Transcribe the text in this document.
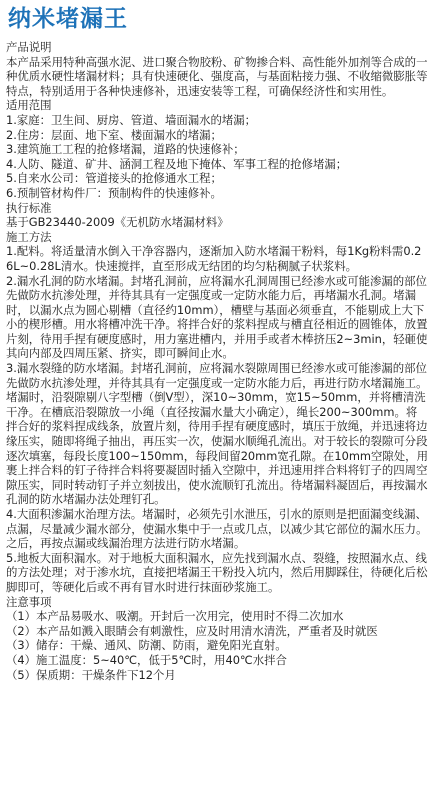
纳米堵漏王
产品说明
本产品采用特种高强水泥、进口聚合物胶粉、矿物掺合料、高性能外加剂等合成的一种优质水硬性堵漏材料；具有快速硬化、强度高，与基面粘接力强、不收缩微膨胀等特点，特别适用于各种快速修补，迅速安装等工程，可确保经济性和实用性。
适用范围
1.家庭：卫生间、厨房、管道、墙面漏水的堵漏；
2.住房：层面、地下室、楼面漏水的堵漏；
3.建筑施工工程的抢修堵漏，道路的快速修补；
4.人防、隧道、矿井、涵洞工程及地下掩体、军事工程的抢修堵漏；
5.自来水公司：管道接头的抢修通水工程；
6.预制管材构件厂：预制构件的快速修补。
执行标准
基于GB23440-2009《无机防水堵漏材料》
施工方法
1.配料。将适量清水倒入干净容器内，逐渐加入防水堵漏干粉料，每1Kg粉料需0.26L~0.28L清水。快速搅拌，直至形成无结团的均匀粘稠腻子状浆料。
2.漏水孔洞的防水堵漏。封堵孔洞前，应将漏水孔洞周围已经渗水或可能渗漏的部位先做防水抗渗处理，并待其具有一定强度或一定防水能力后，再堵漏水孔洞。堵漏时，以漏水点为圆心剔槽（直径约10mm），槽壁与基面必须垂直，不能剔成上大下小的楔形槽。用水将槽冲洗干净。将拌合好的浆料捏成与槽直径相近的圆锥体，放置片刻，待用手捏有硬度感时，用力塞进槽内，并用手或者木棒挤压2~3min，轻砸使其向内部及四周压紧、挤实，即可瞬间止水。
3.漏水裂缝的防水堵漏。封堵孔洞前，应将漏水裂隙周围已经渗水或可能渗漏的部位先做防水抗渗处理，并待其具有一定强度或一定防水能力后，再进行防水堵漏施工。堵漏时，沿裂隙剔八字型槽（倒V型），深10~30mm，宽15~50mm，并将槽清洗干净。在槽底沿裂隙放一小绳（直径按漏水量大小确定），绳长200~300mm。将拌合好的浆料捏成线条，放置片刻，待用手捏有硬度感时，填压于放绳，并迅速将边缘压实，随即将绳子抽出，再压实一次，使漏水顺绳孔流出。对于较长的裂隙可分段逐次填塞，每段长度100~150mm，每段间留20mm宽孔隙。在10mm空隙处，用裹上拌合料的钉子待拌合料将要凝固时插入空隙中，并迅速用拌合料将钉子的四周空隙压实，同时转动钉子并立刻拔出，使水流顺钉孔流出。待堵漏料凝固后，再按漏水孔洞的防水堵漏办法处理钉孔。
4.大面积渗漏水治理方法。堵漏时，必须先引水泄压，引水的原则是把面漏变线漏、点漏，尽量减少漏水部分，使漏水集中于一点或几点，以减少其它部位的漏水压力。之后，再按点漏或线漏治理方法进行防水堵漏。
5.地板大面积漏水。对于地板大面积漏水，应先找到漏水点、裂缝，按照漏水点、线的方法处理；对于渗水坑，直接把堵漏王干粉投入坑内，然后用脚踩住，待硬化后松脚即可，等硬化后或不再有冒水时进行抹面砂浆施工。
注意事项
（1）本产品易吸水、吸潮。开封后一次用完，使用时不得二次加水
（2）本产品如溅入眼睛会有刺激性，应及时用清水清洗，严重者及时就医
（3）储存：干燥、通风、防潮、防雨，避免阳光直射。
（4）施工温度：5~40℃，低于5℃时，用40℃水拌合
（5）保质期：干燥条件下12个月
